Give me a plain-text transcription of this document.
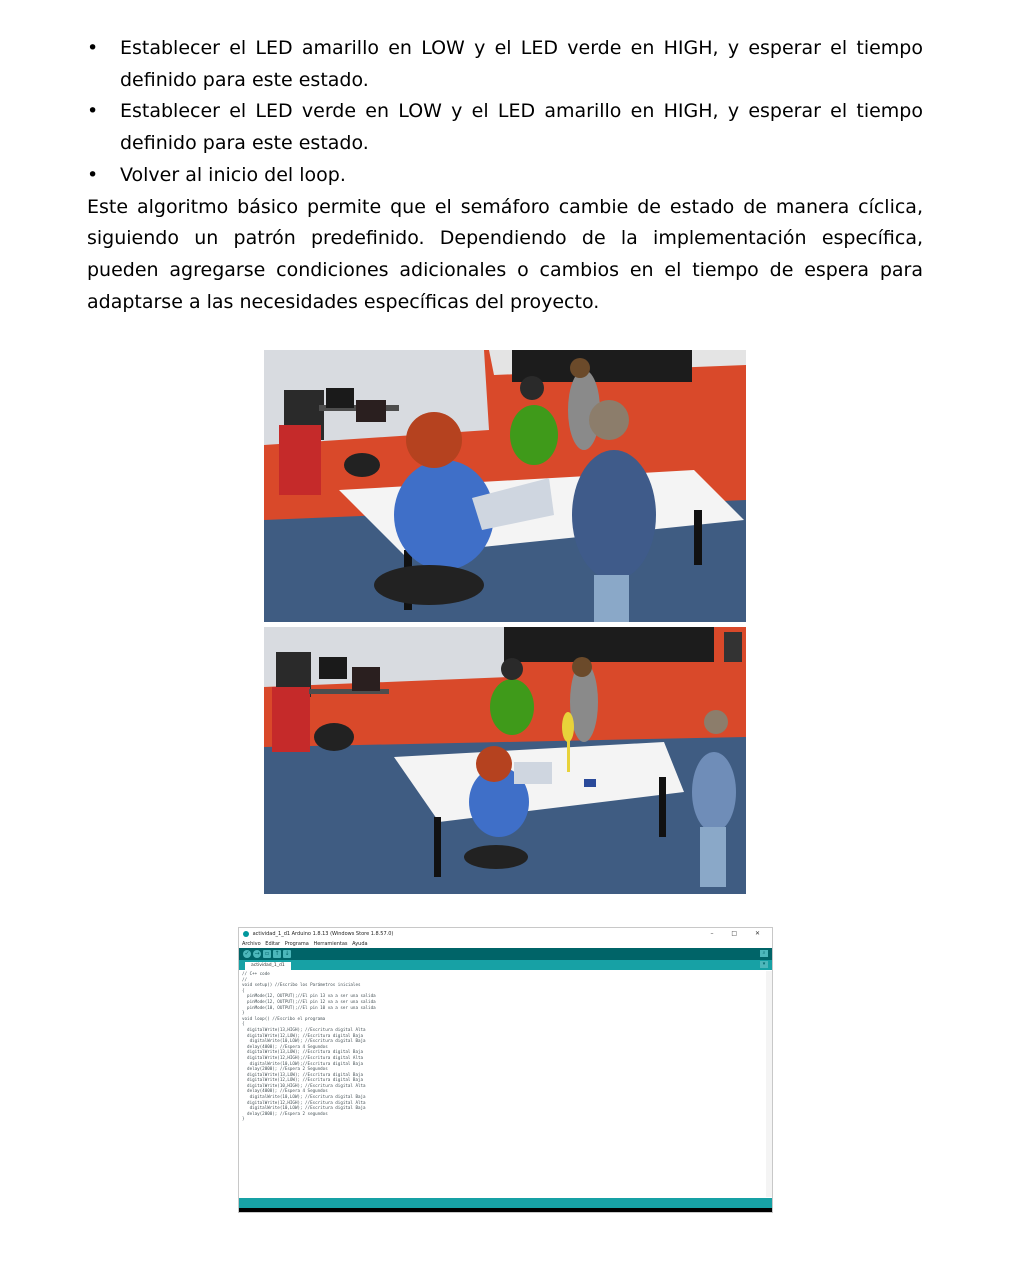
•	Establecer el LED amarillo en LOW y el LED verde en HIGH, y esperar el tiempo definido para este estado.
•	Establecer el LED verde en LOW y el LED amarillo en HIGH, y esperar el tiempo definido para este estado.
•	Volver al inicio del loop.

Este algoritmo básico permite que el semáforo cambie de estado de manera cíclica, siguiendo un patrón predefinido. Dependiendo de la implementación específica, pueden agregarse condiciones adicionales o cambios en el tiempo de espera para adaptarse a las necesidades específicas del proyecto.

actividad_1_d1 Arduino 1.8.13 (Windows Store 1.8.57.0)	– □ ✕
Archivo Editar Programa Herramientas Ayuda
✓ → ▫ ↑ ↓	⌕
actividad_1_d1	▾
// C++ code
//
void setup() //Escribo los Parámetros iniciales
{
pinMode(12, OUTPUT);//El pin 13 va a ser una salida
pinMode(12, OUTPUT);//El pin 12 va a ser una salida
pinMode(10, OUTPUT);//El pin 10 va a ser una salida
}
void loop() //Escribo el programa
{
digitalWrite(13,HIGH); //Escritura digital Alta
digitalWrite(12,LOW); //Escritura digital Baja
digitalWrite(10,LOW); //Escritura digital Baja
delay(4000); //Espera 4 Segundos
digitalWrite(13,LOW); //Escritura digital Baja
digitalWrite(12,HIGH);//Escritura digital Alta
digitalWrite(10,LOW);//Escritura digital Baja
delay(2000); //Espera 2 Segundos
digitalWrite(13,LOW); //Escritura digital Baja
digitalWrite(12,LOW); //Escritura digital Baja
digitalWrite(10,HIGH); //Escritura digital Alta
delay(4000); //Espera 4 Segundos
digitalWrite(10,LOW); //Escritura digital Baja
digitalWrite(12,HIGH); //Escritura digital Alta
digitalWrite(10,LOW); //Escritura digital Baja
delay(2000); //Espera 2 segundos
}
